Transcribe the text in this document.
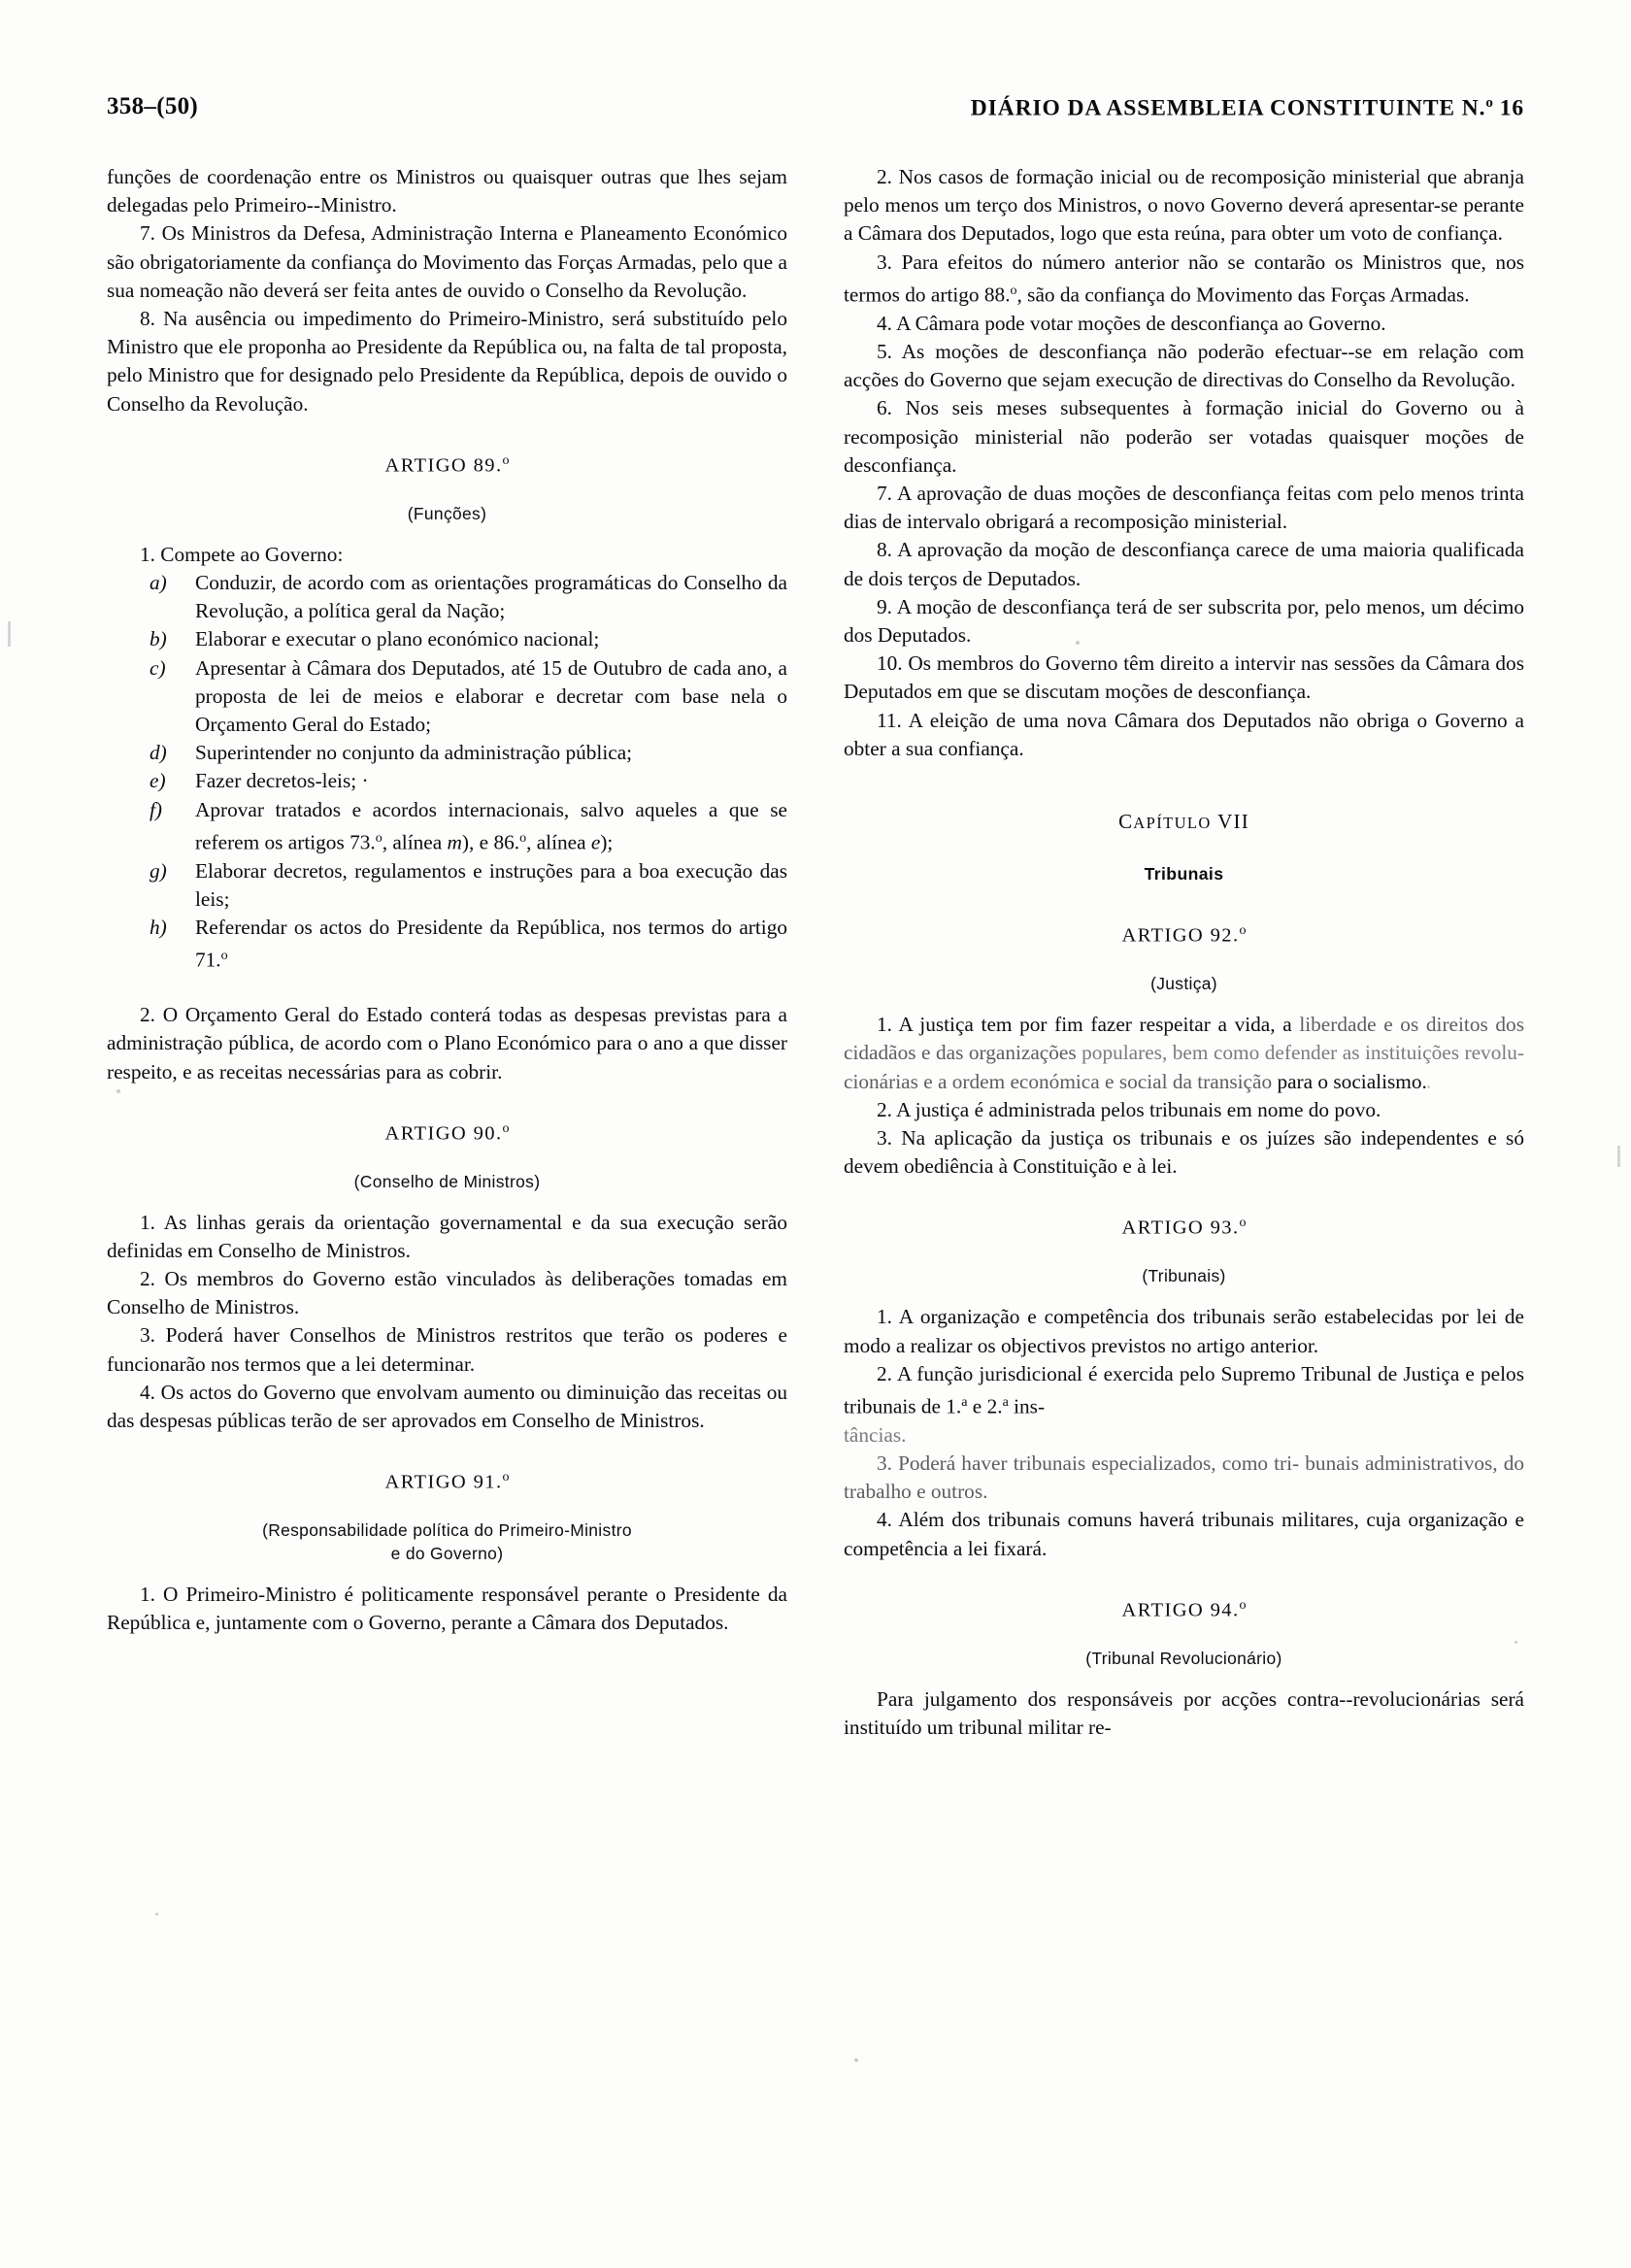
358–(50)	DIÁRIO DA ASSEMBLEIA CONSTITUINTE N.$^o$ 16

funções de coordenação entre os Ministros ou quaisquer outras que lhes sejam delegadas pelo Primeiro--Ministro.

7. Os Ministros da Defesa, Administração Interna e Planeamento Económico são obrigatoriamente da confiança do Movimento das Forças Armadas, pelo que a sua nomeação não deverá ser feita antes de ouvido o Conselho da Revolução.

8. Na ausência ou impedimento do Primeiro-Ministro, será substituído pelo Ministro que ele proponha ao Presidente da República ou, na falta de tal proposta, pelo Ministro que for designado pelo Presidente da República, depois de ouvido o Conselho da Revolução.

ARTIGO 89.$^o$

(Funções)

1. Compete ao Governo:

a)	Conduzir, de acordo com as orientações programáticas do Conselho da Revolução, a política geral da Nação;
b)	Elaborar e executar o plano económico nacional;
c)	Apresentar à Câmara dos Deputados, até 15 de Outubro de cada ano, a proposta de lei de meios e elaborar e decretar com base nela o Orçamento Geral do Estado;
d)	Superintender no conjunto da administração pública;
e)	Fazer decretos-leis; ·
f)	Aprovar tratados e acordos internacionais, salvo aqueles a que se referem os artigos 73.$^o$, alínea m), e 86.$^o$, alínea e);
g)	Elaborar decretos, regulamentos e instruções para a boa execução das leis;
h)	Referendar os actos do Presidente da República, nos termos do artigo 71.$^o$

2. O Orçamento Geral do Estado conterá todas as despesas previstas para a administração pública, de acordo com o Plano Económico para o ano a que disser respeito, e as receitas necessárias para as cobrir.

ARTIGO 90.$^o$

(Conselho de Ministros)

1. As linhas gerais da orientação governamental e da sua execução serão definidas em Conselho de Ministros.

2. Os membros do Governo estão vinculados às deliberações tomadas em Conselho de Ministros.

3. Poderá haver Conselhos de Ministros restritos que terão os poderes e funcionarão nos termos que a lei determinar.

4. Os actos do Governo que envolvam aumento ou diminuição das receitas ou das despesas públicas terão de ser aprovados em Conselho de Ministros.

ARTIGO 91.$^o$

(Responsabilidade política do Primeiro-Ministro
e do Governo)

1. O Primeiro-Ministro é politicamente responsável perante o Presidente da República e, juntamente com o Governo, perante a Câmara dos Deputados.

2. Nos casos de formação inicial ou de recomposição ministerial que abranja pelo menos um terço dos Ministros, o novo Governo deverá apresentar-se perante a Câmara dos Deputados, logo que esta reúna, para obter um voto de confiança.

3. Para efeitos do número anterior não se contarão os Ministros que, nos termos do artigo 88.$^o$, são da confiança do Movimento das Forças Armadas.

4. A Câmara pode votar moções de desconfiança ao Governo.

5. As moções de desconfiança não poderão efectuar--se em relação com acções do Governo que sejam execução de directivas do Conselho da Revolução.

6. Nos seis meses subsequentes à formação inicial do Governo ou à recomposição ministerial não poderão ser votadas quaisquer moções de desconfiança.

7. A aprovação de duas moções de desconfiança feitas com pelo menos trinta dias de intervalo obrigará a recomposição ministerial.

8. A aprovação da moção de desconfiança carece de uma maioria qualificada de dois terços de Deputados.

9. A moção de desconfiança terá de ser subscrita por, pelo menos, um décimo dos Deputados.

10. Os membros do Governo têm direito a intervir nas sessões da Câmara dos Deputados em que se discutam moções de desconfiança.

11. A eleição de uma nova Câmara dos Deputados não obriga o Governo a obter a sua confiança.

CAPÍTULO VII

Tribunais

ARTIGO 92.$^o$

(Justiça)

1. A justiça tem por fim fazer respeitar a vida, a liberdade e os direitos dos cidadãos e das organizações populares, bem como defender as instituições revolu- cionárias e a ordem económica e social da transição para o socialismo.

2. A justiça é administrada pelos tribunais em nome do povo.

3. Na aplicação da justiça os tribunais e os juízes são independentes e só devem obediência à Constituição e à lei.

ARTIGO 93.$^o$

(Tribunais)

1. A organização e competência dos tribunais serão estabelecidas por lei de modo a realizar os objectivos previstos no artigo anterior.

2. A função jurisdicional é exercida pelo Supremo Tribunal de Justiça e pelos tribunais de 1.$^a$ e 2.$^a$ ins-
tâncias.

3. Poderá haver tribunais especializados, como tri- bunais administrativos, do trabalho e outros.

4. Além dos tribunais comuns haverá tribunais militares, cuja organização e competência a lei fixará.

ARTIGO 94.$^o$

(Tribunal Revolucionário)

Para julgamento dos responsáveis por acções contra--revolucionárias será instituído um tribunal militar re-
